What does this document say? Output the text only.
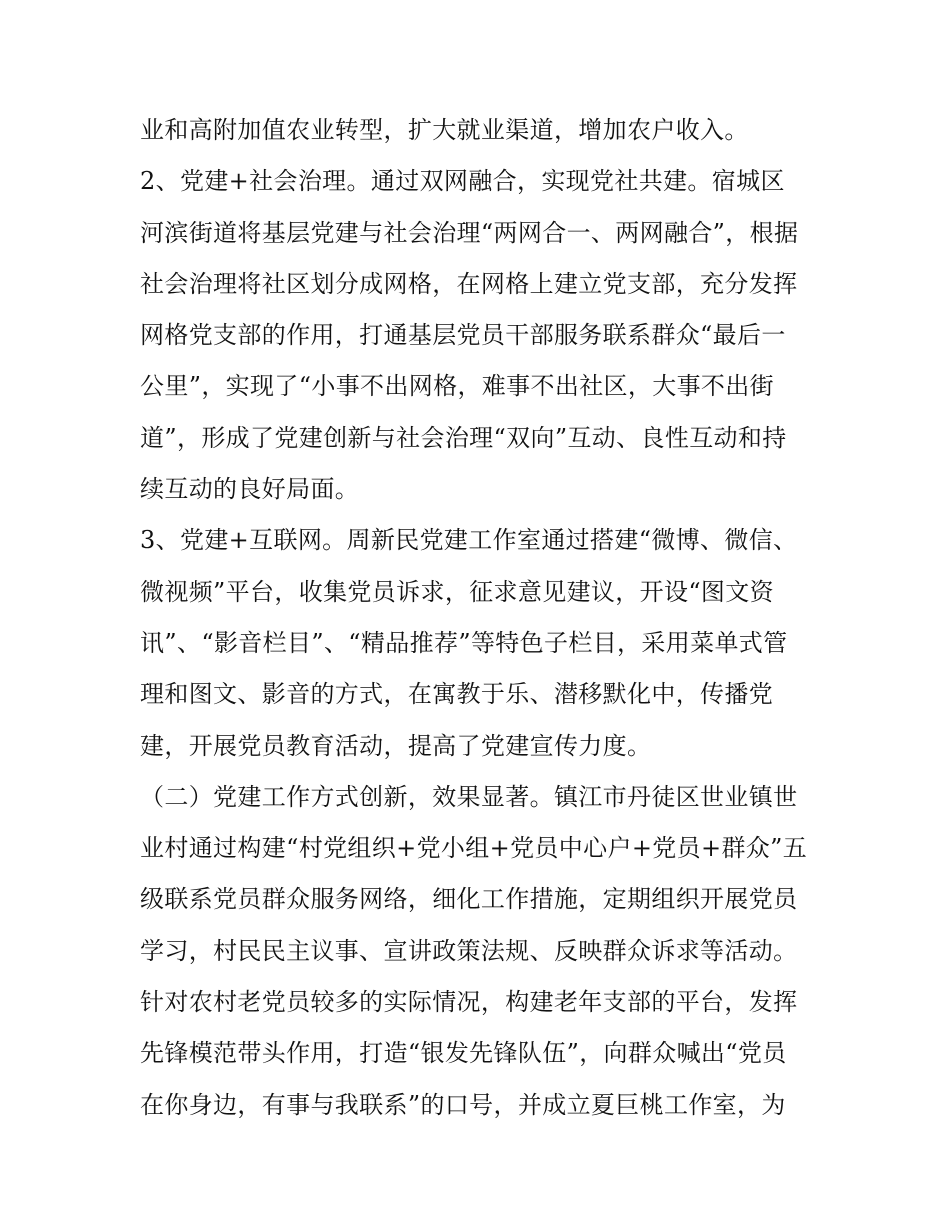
业和高附加值农业转型，扩大就业渠道，增加农户收入。
2、党建+社会治理。通过双网融合，实现党社共建。宿城区
河滨街道将基层党建与社会治理“两网合一、两网融合”，根据
社会治理将社区划分成网格，在网格上建立党支部，充分发挥
网格党支部的作用，打通基层党员干部服务联系群众“最后一
公里”，实现了“小事不出网格，难事不出社区，大事不出街
道”，形成了党建创新与社会治理“双向”互动、良性互动和持
续互动的良好局面。
3、党建+互联网。周新民党建工作室通过搭建“微博、微信、
微视频”平台，收集党员诉求，征求意见建议，开设“图文资
讯”、“影音栏目”、“精品推荐”等特色子栏目，采用菜单式管
理和图文、影音的方式，在寓教于乐、潜移默化中，传播党
建，开展党员教育活动，提高了党建宣传力度。
（二）党建工作方式创新，效果显著。镇江市丹徒区世业镇世
业村通过构建“村党组织+党小组+党员中心户+党员+群众”五
级联系党员群众服务网络，细化工作措施，定期组织开展党员
学习，村民民主议事、宣讲政策法规、反映群众诉求等活动。
针对农村老党员较多的实际情况，构建老年支部的平台，发挥
先锋模范带头作用，打造“银发先锋队伍”，向群众喊出“党员
在你身边，有事与我联系”的口号，并成立夏巨桃工作室，为
